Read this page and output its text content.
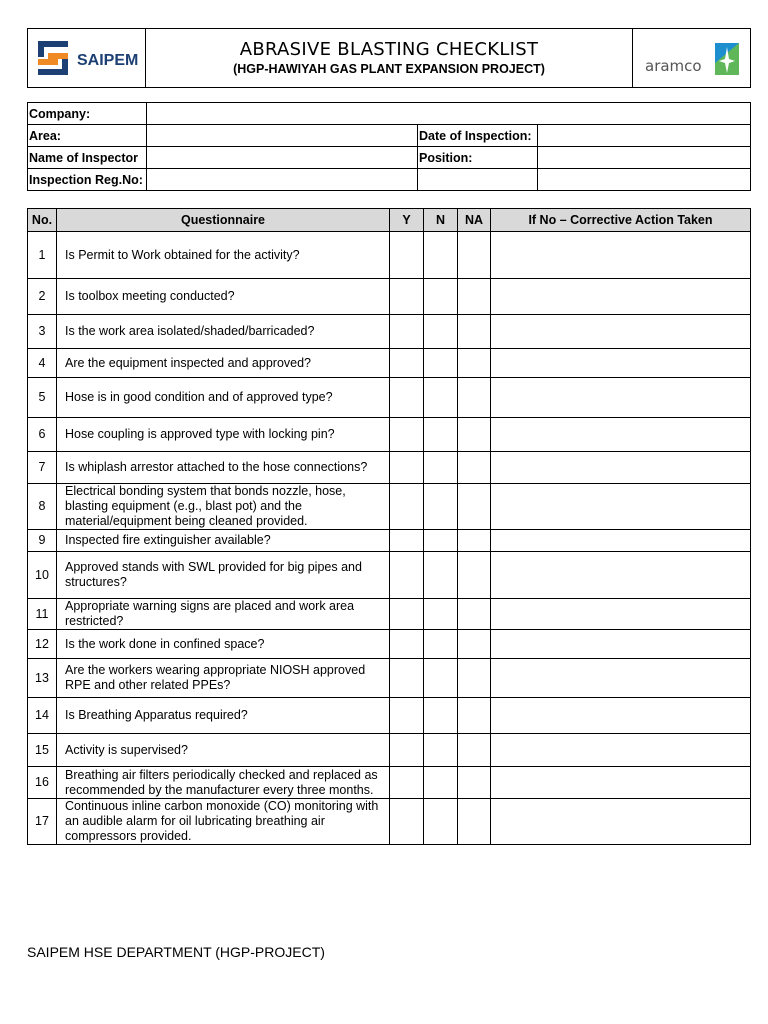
SAIPEM

ABRASIVE BLASTING CHECKLIST
(HGP-HAWIYAH GAS PLANT EXPANSION PROJECT)	aramco
Company:			
Area:		Date of Inspection:	
Name of Inspector		Position:	
Inspection Reg.No:			
No.	Questionnaire	Y	N	NA	If No – Corrective Action Taken
1	Is Permit to Work obtained for the activity?				
2	Is toolbox meeting conducted?				
3	Is the work area isolated/shaded/barricaded?				
4	Are the equipment inspected and approved?				
5	Hose is in good condition and of approved type?				
6	Hose coupling is approved type with locking pin?				
7	Is whiplash arrestor attached to the hose connections?				
8	Electrical bonding system that bonds nozzle, hose, blasting equipment (e.g., blast pot) and the material/equipment being cleaned provided.				
9	Inspected fire extinguisher available?				
10	Approved stands with SWL provided for big pipes and structures?				
11	Appropriate warning signs are placed and work area restricted?				
12	Is the work done in confined space?				
13	Are the workers wearing appropriate NIOSH approved RPE and other related PPEs?				
14	Is Breathing Apparatus required?				
15	Activity is supervised?				
16	Breathing air filters periodically checked and replaced as recommended by the manufacturer every three months.				
17	Continuous inline carbon monoxide (CO) monitoring with an audible alarm for oil lubricating breathing air compressors provided.				
SAIPEM HSE DEPARTMENT (HGP-PROJECT)
